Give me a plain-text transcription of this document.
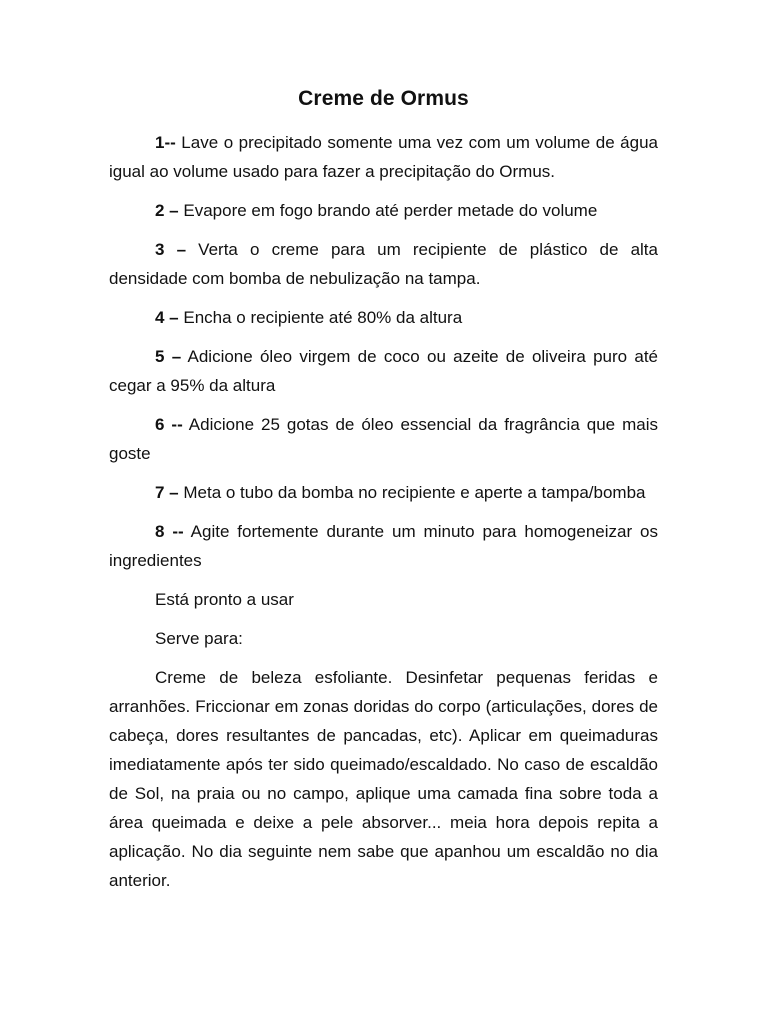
Creme de Ormus

1-- Lave o precipitado somente uma vez com um volume de água igual ao volume usado para fazer a precipitação do Ormus.

2 – Evapore em fogo brando até perder metade do volume

3 – Verta o creme para um recipiente de plástico de alta densidade com bomba de nebulização na tampa.

4 – Encha o recipiente até 80% da altura

5 – Adicione óleo virgem de coco ou azeite de oliveira puro até cegar a 95% da altura

6 -- Adicione 25 gotas de óleo essencial da fragrância que mais goste

7 – Meta o tubo da bomba no recipiente e aperte a tampa/bomba

8 -- Agite fortemente durante um minuto para homogeneizar os ingredientes

Está pronto a usar

Serve para:

Creme de beleza esfoliante. Desinfetar pequenas feridas e arranhões. Friccionar em zonas doridas do corpo (articulações, dores de cabeça, dores resultantes de pancadas, etc). Aplicar em queimaduras imediatamente após ter sido queimado/escaldado. No caso de escaldão de Sol, na praia ou no campo, aplique uma camada fina sobre toda a área queimada e deixe a pele absorver... meia hora depois repita a aplicação. No dia seguinte nem sabe que apanhou um escaldão no dia anterior.
